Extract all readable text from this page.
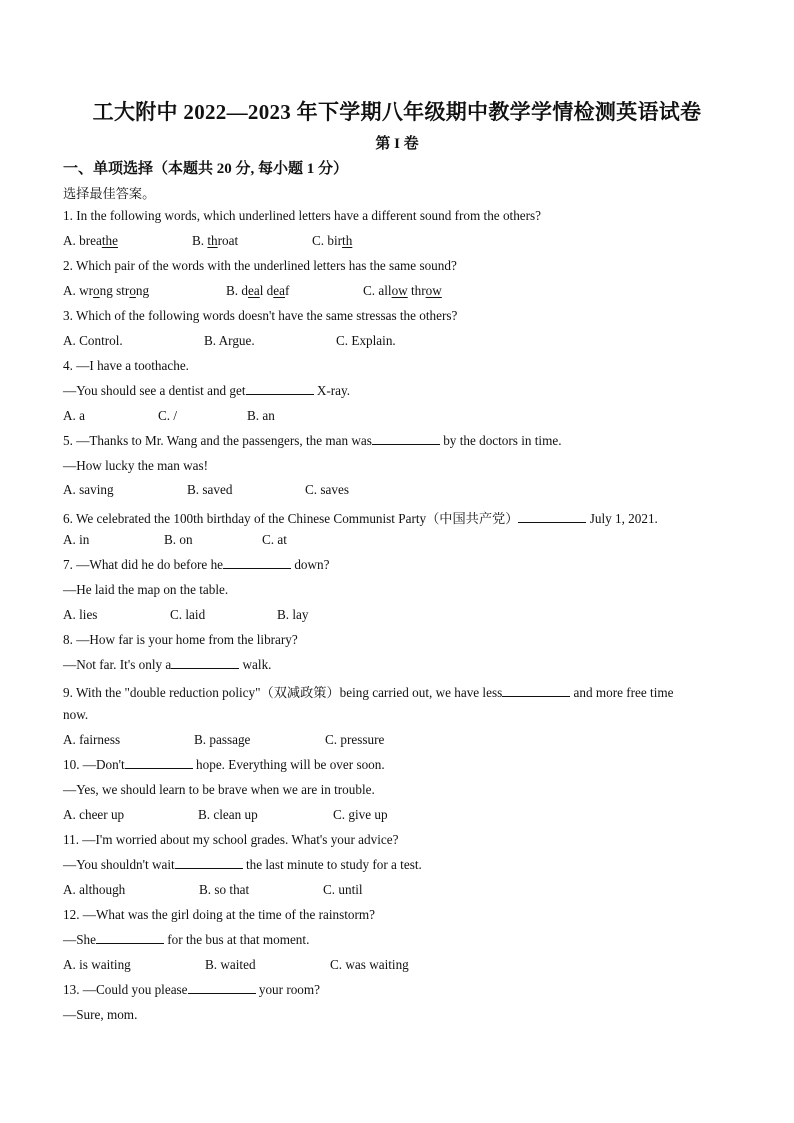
工大附中 2022—2023 年下学期八年级期中教学学情检测英语试卷
第 I 卷
一、单项选择（本题共 20 分, 每小题 1 分）
选择最佳答案。
1. In the following words, which underlined letters have a different sound from the others?
A. breathe	B. throat	C. birth
2. Which pair of the words with the underlined letters has the same sound?
A. wrong strong	B. deal deaf	C. allow throw
3. Which of the following words doesn't have the same stressas the others?
A. Control.	B. Argue.	C. Explain.
4. —I have a toothache.
—You should see a dentist and get	X-ray.
A. a	C. /	B. an
5. —Thanks to Mr. Wang and the passengers, the man was	by the doctors in time.
—How lucky the man was!
A. saving	B. saved	C. saves
6. We celebrated the 100th birthday of the Chinese Communist Party（中国共产党）	July 1, 2021.
A. in	B. on	C. at
7. —What did he do before he	down?
—He laid the map on the table.
A. lies	C. laid	B. lay
8. —How far is your home from the library?
—Not far. It's only a	walk.
9. With the "double reduction policy"（双减政策）being carried out, we have less	and more free time
now.
A. fairness	B. passage	C. pressure
10. —Don't	hope. Everything will be over soon.
—Yes, we should learn to be brave when we are in trouble.
A. cheer up	B. clean up	C. give up
11. —I'm worried about my school grades. What's your advice?
—You shouldn't wait	the last minute to study for a test.
A. although	B. so that	C. until
12. —What was the girl doing at the time of the rainstorm?
—She	for the bus at that moment.
A. is waiting	B. waited	C. was waiting
13. —Could you please	your room?
—Sure, mom.
